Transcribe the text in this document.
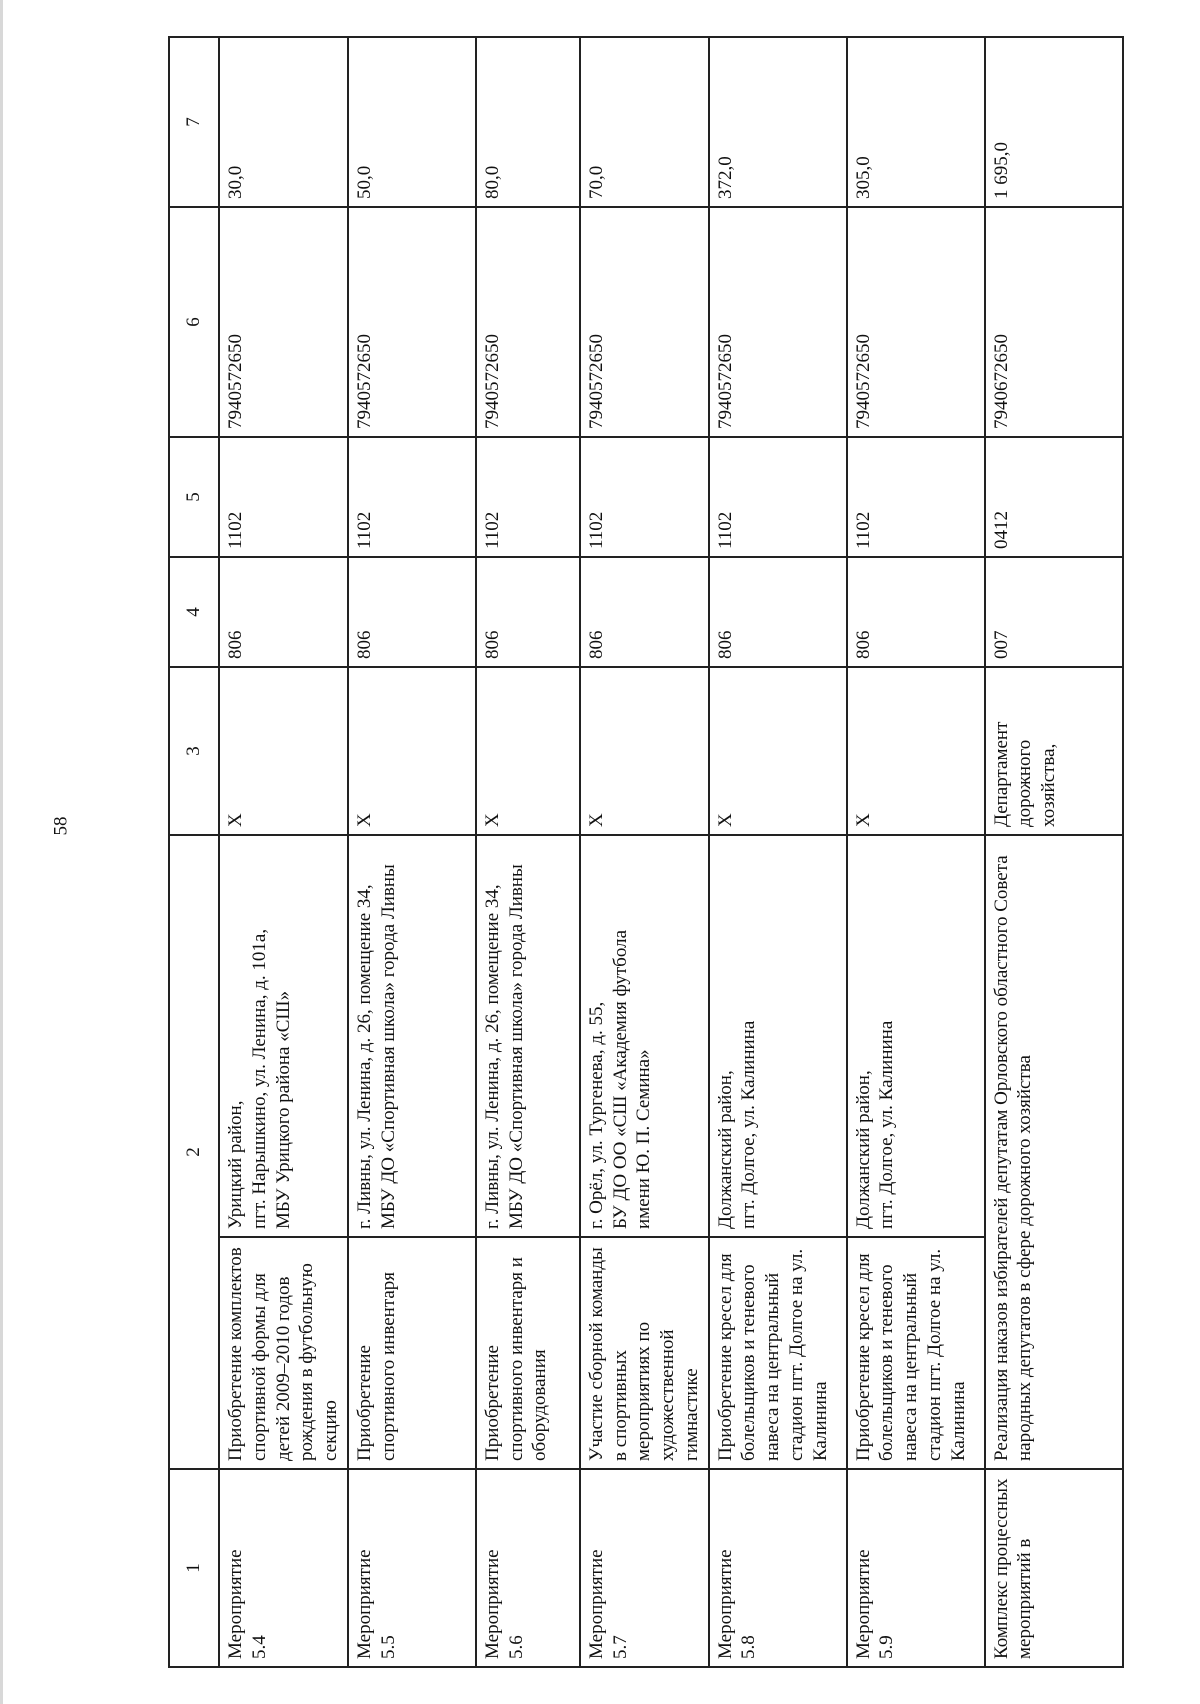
58
1	2		3	4	5	6	7
Мероприятие
5.4	Приобретение комплектов спортивной формы для детей 2009–2010 годов рождения в футбольную секцию	Урицкий район,
пгт. Нарышкино, ул. Ленина, д. 101а,
МБУ Урицкого района «СШ»	X	806	1102	7940572650	30,0
Мероприятие
5.5	Приобретение спортивного инвентаря	г. Ливны, ул. Ленина, д. 26, помещение 34,
МБУ ДО «Спортивная школа» города Ливны	X	806	1102	7940572650	50,0
Мероприятие
5.6	Приобретение спортивного инвентаря и оборудования	г. Ливны, ул. Ленина, д. 26, помещение 34,
МБУ ДО «Спортивная школа» города Ливны	X	806	1102	7940572650	80,0
Мероприятие
5.7	Участие сборной команды в спортивных мероприятиях по художественной гимнастике	г. Орёл, ул. Тургенева, д. 55,
БУ ДО ОО «СШ «Академия футбола
имени Ю. П. Семина»	X	806	1102	7940572650	70,0
Мероприятие
5.8	Приобретение кресел для болельщиков и теневого навеса на центральный стадион пгт. Долгое на ул. Калинина	Должанский район,
пгт. Долгое, ул. Калинина	X	806	1102	7940572650	372,0
Мероприятие
5.9	Приобретение кресел для болельщиков и теневого навеса на центральный стадион пгт. Долгое на ул. Калинина	Должанский район,
пгт. Долгое, ул. Калинина	X	806	1102	7940572650	305,0
Комплекс процессных мероприятий в	Реализация наказов избирателей депутатам Орловского областного Совета народных депутатов в сфере дорожного хозяйства		Департамент дорожного хозяйства,	007	0412	7940672650	1 695,0
